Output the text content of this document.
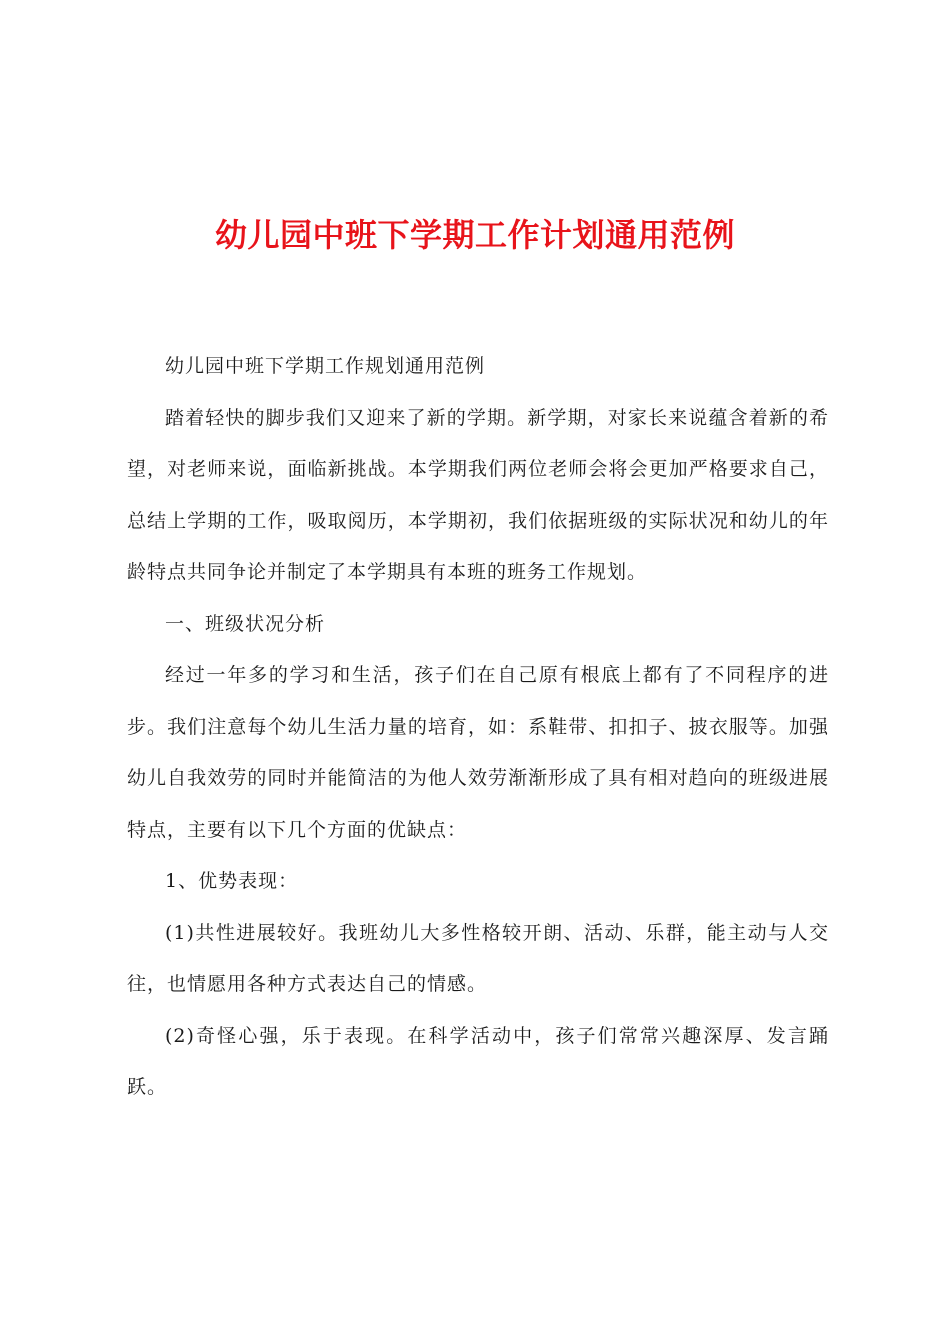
幼儿园中班下学期工作计划通用范例

幼儿园中班下学期工作规划通用范例

踏着轻快的脚步我们又迎来了新的学期。新学期，对家长来说蕴含着新的希望，对老师来说，面临新挑战。本学期我们两位老师会将会更加严格要求自己，总结上学期的工作，吸取阅历，本学期初，我们依据班级的实际状况和幼儿的年龄特点共同争论并制定了本学期具有本班的班务工作规划。

一、班级状况分析

经过一年多的学习和生活，孩子们在自己原有根底上都有了不同程序的进步。我们注意每个幼儿生活力量的培育，如：系鞋带、扣扣子、披衣服等。加强幼儿自我效劳的同时并能简洁的为他人效劳渐渐形成了具有相对趋向的班级进展特点，主要有以下几个方面的优缺点：

1、优势表现：

(1)共性进展较好。我班幼儿大多性格较开朗、活动、乐群，能主动与人交往，也情愿用各种方式表达自己的情感。

(2)奇怪心强，乐于表现。在科学活动中，孩子们常常兴趣深厚、发言踊跃。
